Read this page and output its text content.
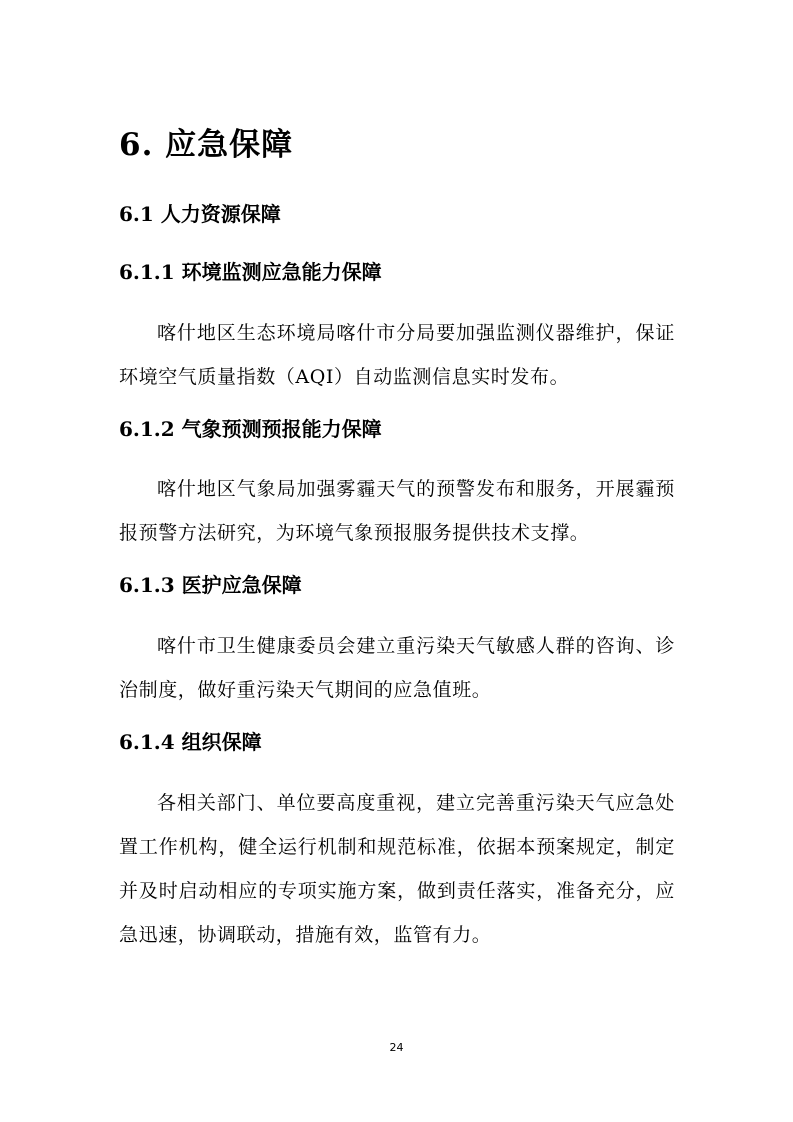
6. 应急保障
6.1 人力资源保障
6.1.1 环境监测应急能力保障
喀什地区生态环境局喀什市分局要加强监测仪器维护，保证环境空气质量指数（AQI）自动监测信息实时发布。
6.1.2 气象预测预报能力保障
喀什地区气象局加强雾霾天气的预警发布和服务，开展霾预报预警方法研究，为环境气象预报服务提供技术支撑。
6.1.3 医护应急保障
喀什市卫生健康委员会建立重污染天气敏感人群的咨询、诊治制度，做好重污染天气期间的应急值班。
6.1.4 组织保障
各相关部门、单位要高度重视，建立完善重污染天气应急处置工作机构，健全运行机制和规范标准，依据本预案规定，制定并及时启动相应的专项实施方案，做到责任落实，准备充分，应急迅速，协调联动，措施有效，监管有力。
24
